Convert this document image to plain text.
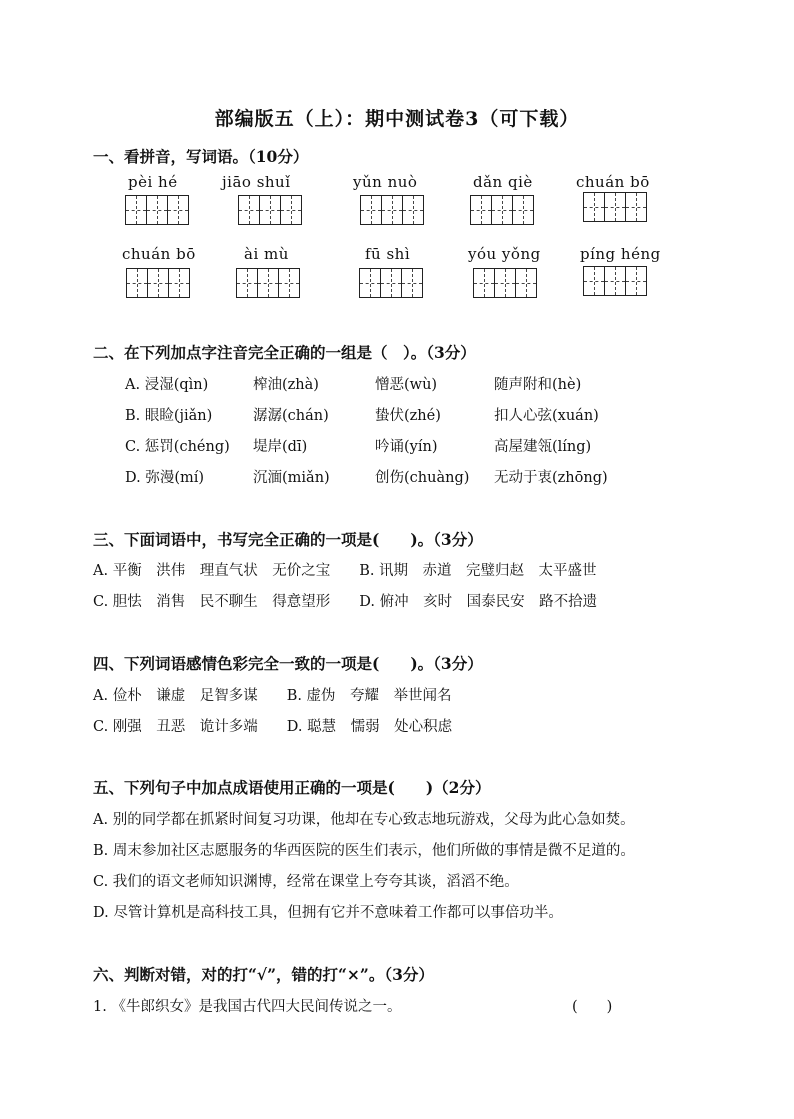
部编版五（上）：期中测试卷3（可下载）
一、看拼音，写词语。（10分）
pèi hé	jiāo shuǐ	yǔn nuò	dǎn qiè	chuán bō
chuán bō	ài mù	fū shì	yóu yǒng	píng héng
二、在下列加点字注音完全正确的一组是（　）。（3分）
A. 浸湿(qìn)	榨油(zhà)	憎恶(wù)	随声附和(hè)
B. 眼睑(jiǎn)	潺潺(chán)	蛰伏(zhé)	扣人心弦(xuán)
C. 惩罚(chéng) 堤岸(dī)	吟诵(yín)	高屋建瓴(líng)
D. 弥漫(mí)	沉湎(miǎn)	创伤(chuàng) 无动于衷(zhōng)
三、下面词语中，书写完全正确的一项是(　　)。（3分）
A. 平衡　洪伟　理直气状　无价之宝　　B. 讯期　赤道　完璧归赵　太平盛世
C. 胆怯　消售　民不聊生　得意望形　　D. 俯冲　亥时　国泰民安　路不拾遗
四、下列词语感情色彩完全一致的一项是(　　)。（3分）
A. 俭朴　谦虚　足智多谋　　B. 虚伪　夸耀　举世闻名
C. 刚强　丑恶　诡计多端　　D. 聪慧　懦弱　处心积虑
五、下列句子中加点成语使用正确的一项是(　　)（2分）
A. 别的同学都在抓紧时间复习功课，他却在专心致志地玩游戏，父母为此心急如焚。
B. 周末参加社区志愿服务的华西医院的医生们表示，他们所做的事情是微不足道的。
C. 我们的语文老师知识渊博，经常在课堂上夸夸其谈，滔滔不绝。
D. 尽管计算机是高科技工具，但拥有它并不意味着工作都可以事倍功半。
六、判断对错，对的打“√”，错的打“×”。（3分）
1. 《牛郎织女》是我国古代四大民间传说之一。	(　　)
